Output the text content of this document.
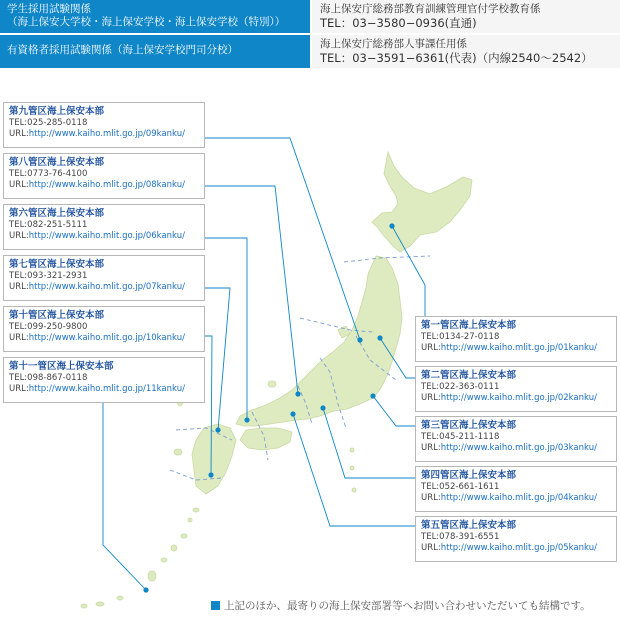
学生採用試験関係
（海上保安大学校・海上保安学校・海上保安学校（特別））
海上保安庁総務部教育訓練管理官付学校教育係
TEL：03−3580−0936(直通)
有資格者採用試験関係（海上保安学校門司分校）	海上保安庁総務部人事課任用係
TEL：03−3591−6361(代表)（内線2540〜2542）
第九管区海上保安本部
TEL:025-285-0118
URL:http://www.kaiho.mlit.go.jp/09kanku/
第八管区海上保安本部
TEL:0773-76-4100
URL:http://www.kaiho.mlit.go.jp/08kanku/
第六管区海上保安本部
TEL:082-251-5111
URL:http://www.kaiho.mlit.go.jp/06kanku/
第七管区海上保安本部
TEL:093-321-2931
URL:http://www.kaiho.mlit.go.jp/07kanku/
第十管区海上保安本部
TEL:099-250-9800
URL:http://www.kaiho.mlit.go.jp/10kanku/
第十一管区海上保安本部
TEL:098-867-0118
URL:http://www.kaiho.mlit.go.jp/11kanku/
第一管区海上保安本部
TEL:0134-27-0118
URL:http://www.kaiho.mlit.go.jp/01kanku/
第二管区海上保安本部
TEL:022-363-0111
URL:http://www.kaiho.mlit.go.jp/02kanku/
第三管区海上保安本部
TEL:045-211-1118
URL:http://www.kaiho.mlit.go.jp/03kanku/
第四管区海上保安本部
TEL:052-661-1611
URL:http://www.kaiho.mlit.go.jp/04kanku/
第五管区海上保安本部
TEL:078-391-6551
URL:http://www.kaiho.mlit.go.jp/05kanku/
上記のほか、最寄りの海上保安部署等へお問い合わせいただいても結構です。
